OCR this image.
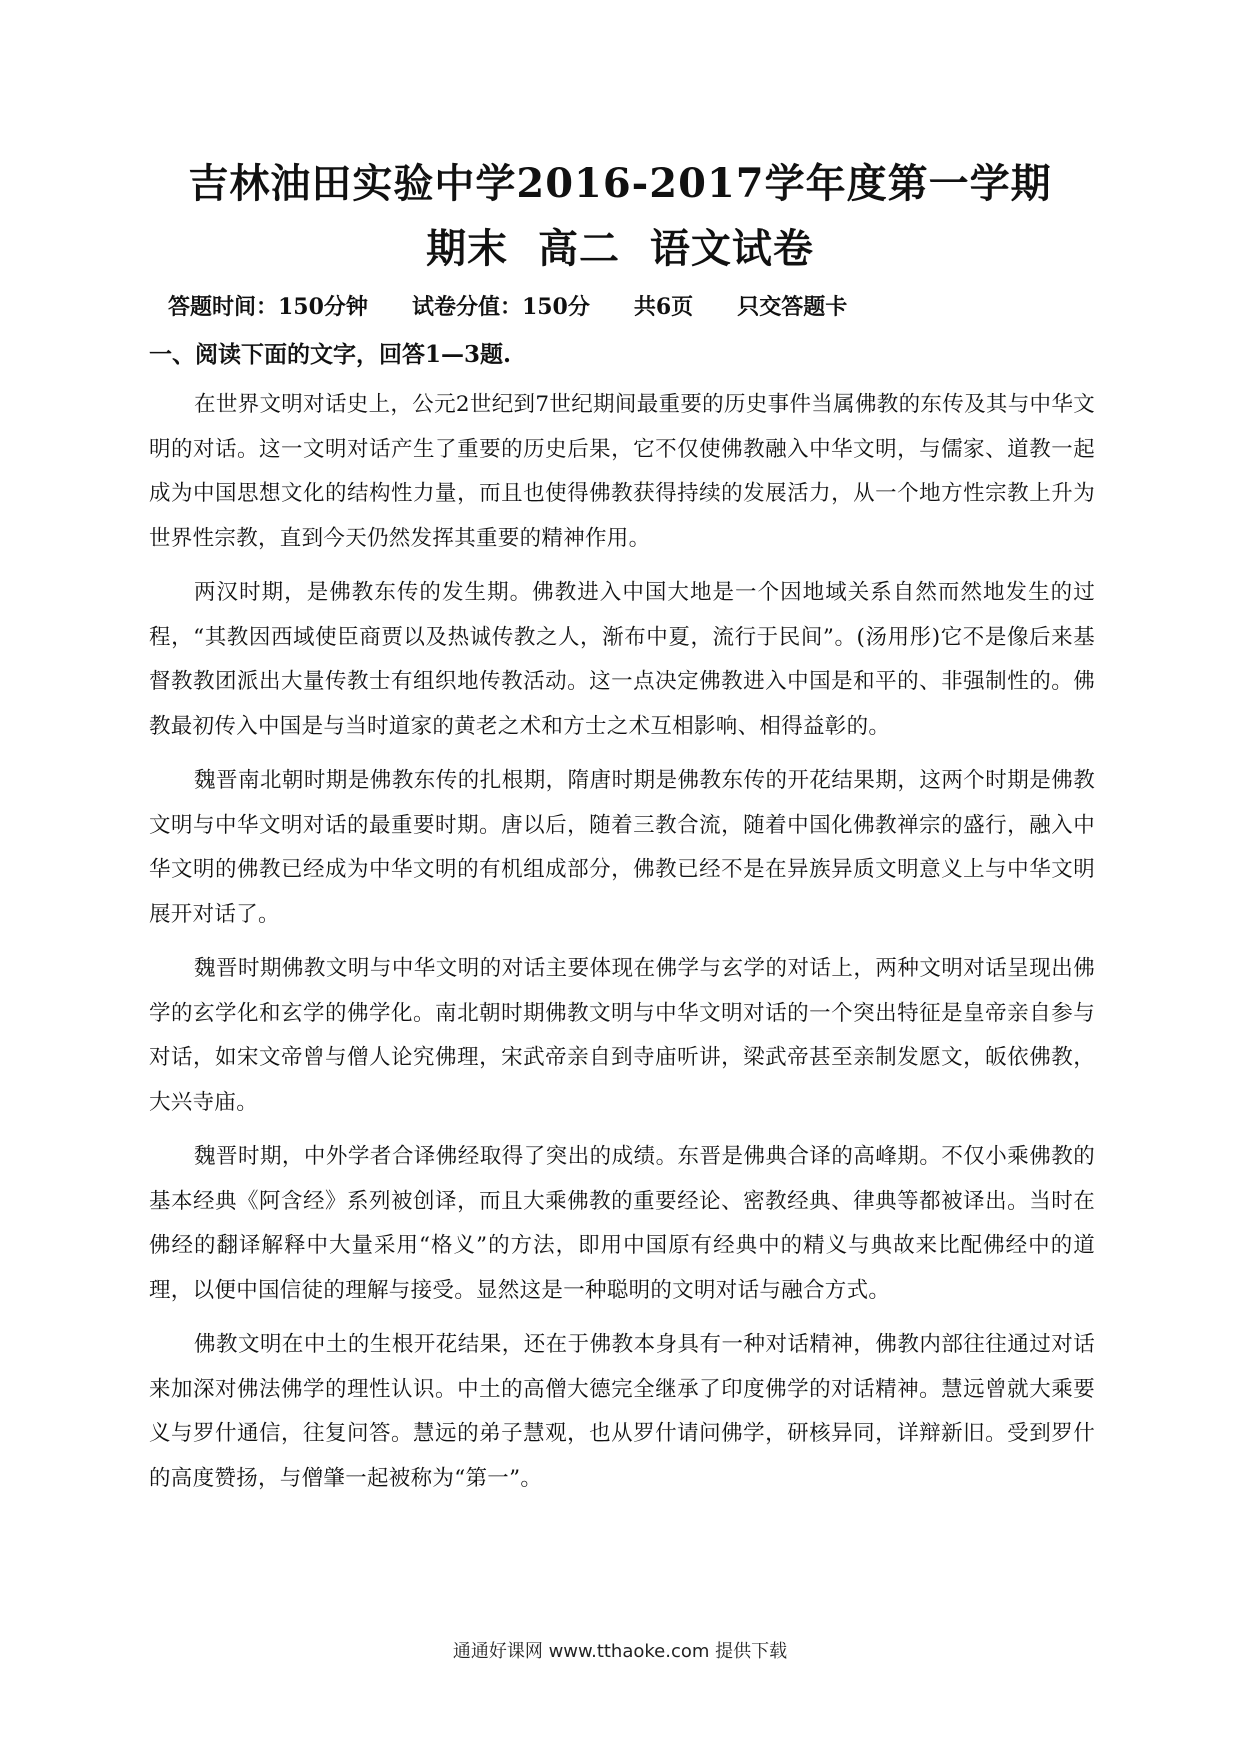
吉林油田实验中学2016-2017学年度第一学期
期末  高二  语文试卷
答题时间：150分钟 试卷分值：150分 共6页 只交答题卡
一、阅读下面的文字，回答1—3题.

在世界文明对话史上，公元2世纪到7世纪期间最重要的历史事件当属佛教的东传及其与中华文明的对话。这一文明对话产生了重要的历史后果，它不仅使佛教融入中华文明，与儒家、道教一起成为中国思想文化的结构性力量，而且也使得佛教获得持续的发展活力，从一个地方性宗教上升为世界性宗教，直到今天仍然发挥其重要的精神作用。

两汉时期，是佛教东传的发生期。佛教进入中国大地是一个因地域关系自然而然地发生的过程，“其教因西域使臣商贾以及热诚传教之人，渐布中夏，流行于民间”。(汤用彤)它不是像后来基督教教团派出大量传教士有组织地传教活动。这一点决定佛教进入中国是和平的、非强制性的。佛教最初传入中国是与当时道家的黄老之术和方士之术互相影响、相得益彰的。

魏晋南北朝时期是佛教东传的扎根期，隋唐时期是佛教东传的开花结果期，这两个时期是佛教文明与中华文明对话的最重要时期。唐以后，随着三教合流，随着中国化佛教禅宗的盛行，融入中华文明的佛教已经成为中华文明的有机组成部分，佛教已经不是在异族异质文明意义上与中华文明展开对话了。

魏晋时期佛教文明与中华文明的对话主要体现在佛学与玄学的对话上，两种文明对话呈现出佛学的玄学化和玄学的佛学化。南北朝时期佛教文明与中华文明对话的一个突出特征是皇帝亲自参与对话，如宋文帝曾与僧人论究佛理，宋武帝亲自到寺庙听讲，梁武帝甚至亲制发愿文，皈依佛教，大兴寺庙。

魏晋时期，中外学者合译佛经取得了突出的成绩。东晋是佛典合译的高峰期。不仅小乘佛教的基本经典《阿含经》系列被创译，而且大乘佛教的重要经论、密教经典、律典等都被译出。当时在佛经的翻译解释中大量采用“格义”的方法，即用中国原有经典中的精义与典故来比配佛经中的道理，以便中国信徒的理解与接受。显然这是一种聪明的文明对话与融合方式。

佛教文明在中土的生根开花结果，还在于佛教本身具有一种对话精神，佛教内部往往通过对话来加深对佛法佛学的理性认识。中土的高僧大德完全继承了印度佛学的对话精神。慧远曾就大乘要义与罗什通信，往复问答。慧远的弟子慧观，也从罗什请问佛学，研核异同，详辩新旧。受到罗什的高度赞扬，与僧肇一起被称为“第一”。

通通好课网 www.tthaoke.com 提供下载
